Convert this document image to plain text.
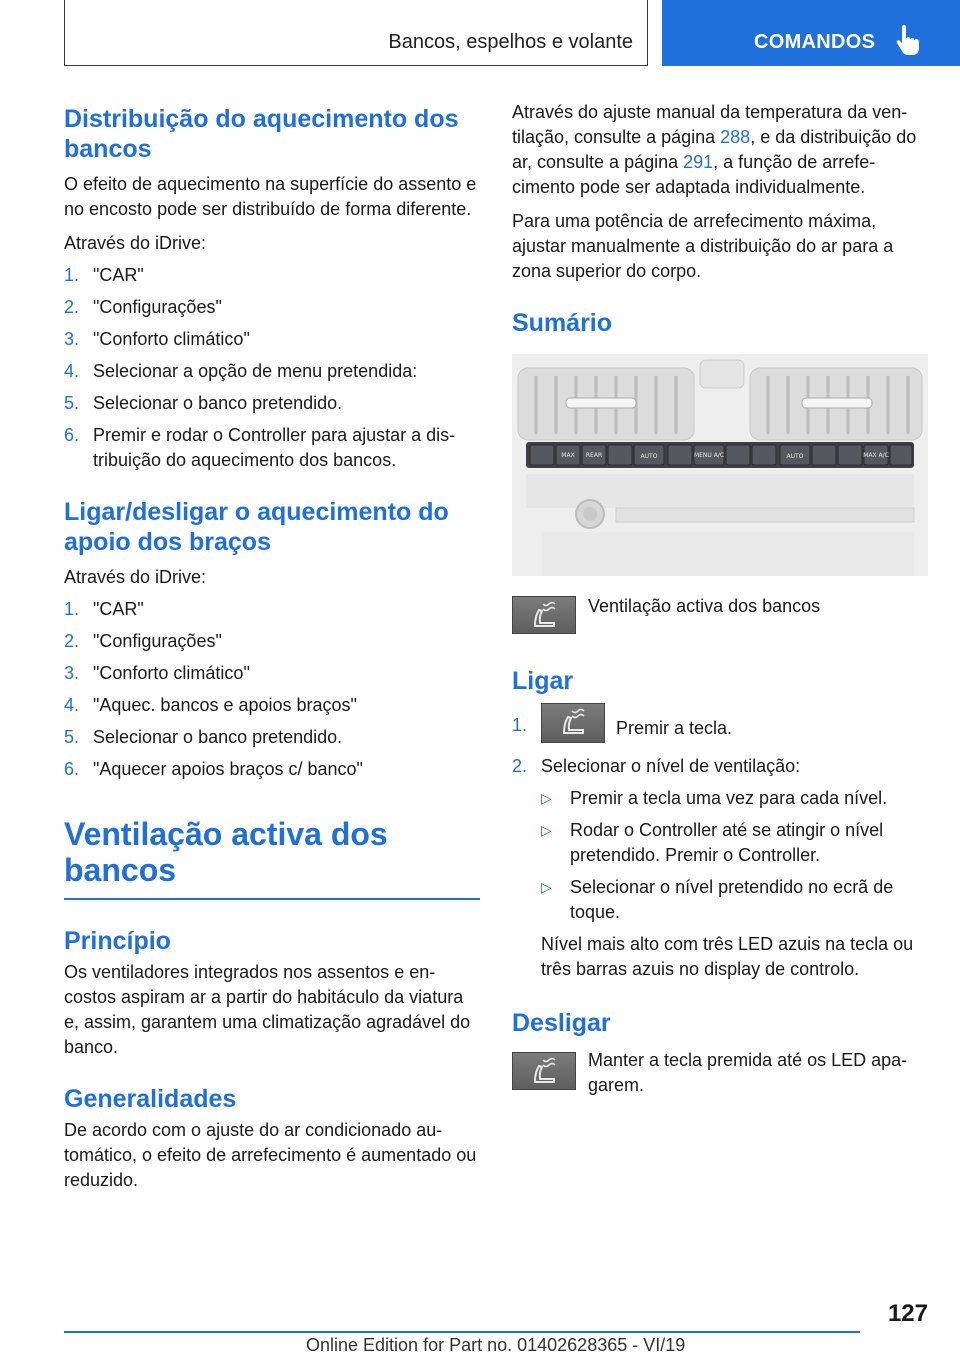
Bancos, espelhos e volante	COMANDOS
Distribuição do aquecimento dos bancos

O efeito de aquecimento na superfície do assento e no encosto pode ser distribuído de forma diferente.

Através do iDrive:

1. "CAR"
2. "Configurações"
3. "Conforto climático"
4. Selecionar a opção de menu pretendida:
5. Selecionar o banco pretendido.
6. Premir e rodar o Controller para ajustar a distribuição do aquecimento dos bancos.
Ligar/desligar o aquecimento do apoio dos braços

Através do iDrive:

1. "CAR"
2. "Configurações"
3. "Conforto climático"
4. "Aquec. bancos e apoios braços"
5. Selecionar o banco pretendido.
6. "Aquecer apoios braços c/ banco"
Ventilação activa dos bancos
Princípio

Os ventiladores integrados nos assentos e encostos aspiram ar a partir do habitáculo da viatura e, assim, garantem uma climatização agradável do banco.

Generalidades

De acordo com o ajuste do ar condicionado automático, o efeito de arrefecimento é aumentado ou reduzido.

Através do ajuste manual da temperatura da ventilação, consulte a página 288, e da distribuição do ar, consulte a página 291, a função de arrefecimento pode ser adaptada individualmente.

Para uma potência de arrefecimento máxima, ajustar manualmente a distribuição do ar para a zona superior do corpo.

Sumário
MAX REAR	AUTO	MENU A/C	AUTO	MAX A/C

Ventilação activa dos bancos

Ligar
1.	Premir a tecla.
2. Selecionar o nível de ventilação:
▷ Premir a tecla uma vez para cada nível.
▷ Rodar o Controller até se atingir o nível pretendido. Premir o Controller.
▷ Selecionar o nível pretendido no ecrã de toque.

Nível mais alto com três LED azuis na tecla ou três barras azuis no display de controlo.

Desligar

Manter a tecla premida até os LED apagarem.

127
Online Edition for Part no. 01402628365 - VI/19
